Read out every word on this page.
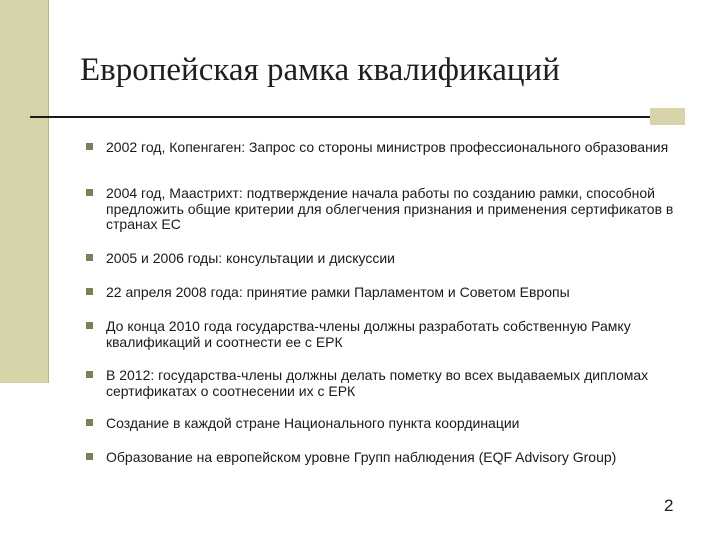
Европейская рамка квалификаций
2002 год, Копенгаген: Запрос со стороны министров профессионального образования
2004 год, Маастрихт: подтверждение начала работы по созданию рамки, способной предложить общие критерии для облегчения признания и применения сертификатов в странах ЕС
2005 и 2006 годы: консультации и дискуссии
22 апреля 2008 года: принятие рамки Парламентом и Советом Европы
До конца 2010 года государства-члены должны разработать собственную Рамку квалификаций и соотнести ее с ЕРК
В 2012: государства-члены должны делать пометку во всех выдаваемых дипломах сертификатах о соотнесении их с ЕРК
Создание в каждой стране Национального пункта координации
Образование на европейском уровне Групп наблюдения (EQF Advisory Group)
2
